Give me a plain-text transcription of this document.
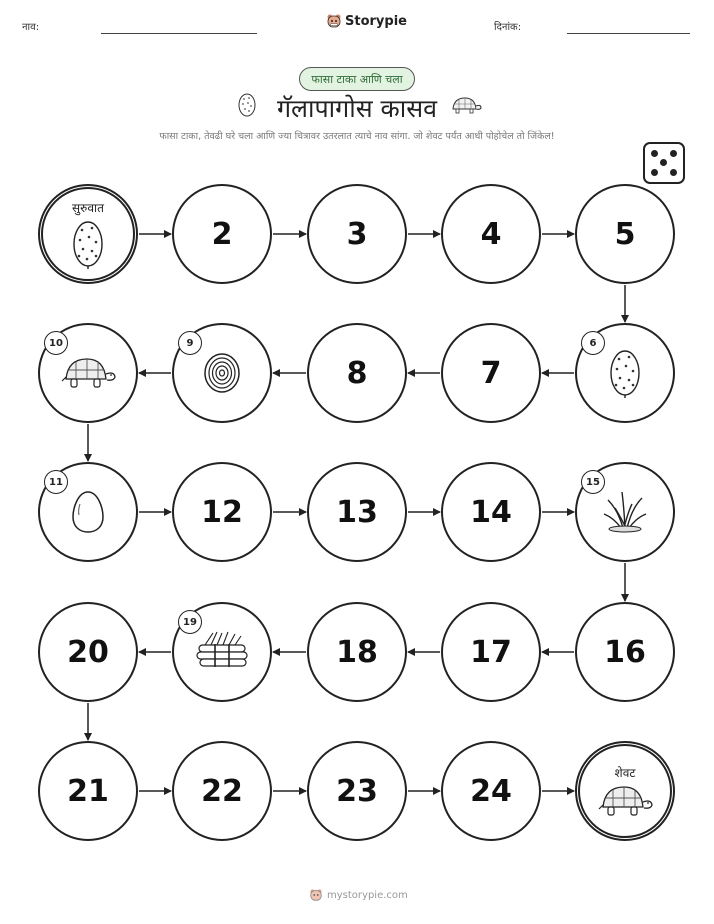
नाव:	Storypie	दिनांक:
फासा टाका आणि चला
गॅलापागोस कासव
फासा टाका, तेवढी घरे चला आणि ज्या चित्रावर उतरलात त्याचे नाव सांगा. जो शेवट पर्यंत आधी पोहोचेल तो जिंकेल!
सुरुवात
2	3	4	5
6
7
8
9
10
11
12	13	14
15
16
17
18
19
20
21	22	23	24
शेवट
mystorypie.com
